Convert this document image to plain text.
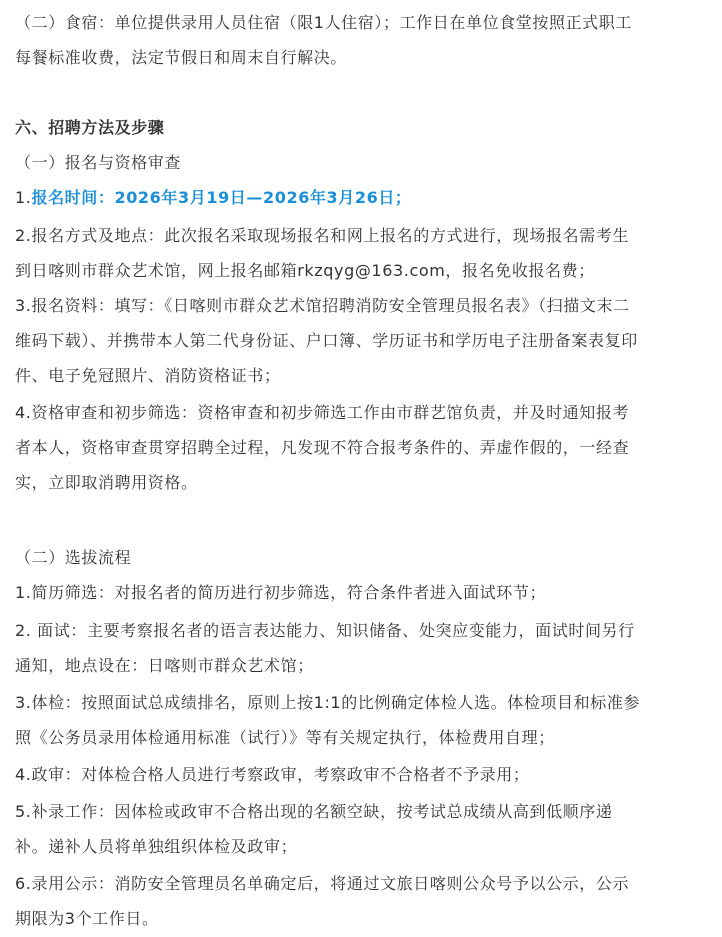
（二）食宿：单位提供录用人员住宿（限1人住宿）；工作日在单位食堂按照正式职工
每餐标准收费，法定节假日和周末自行解决。
六、招聘方法及步骤
（一）报名与资格审查
1.报名时间：2026年3月19日—2026年3月26日；
2.报名方式及地点：此次报名采取现场报名和网上报名的方式进行，现场报名需考生
到日喀则市群众艺术馆，网上报名邮箱rkzqyg@163.com，报名免收报名费；
3.报名资料：填写：《日喀则市群众艺术馆招聘消防安全管理员报名表》（扫描文末二
维码下载）、并携带本人第二代身份证、户口簿、学历证书和学历电子注册备案表复印
件、电子免冠照片、消防资格证书；
4.资格审查和初步筛选：资格审查和初步筛选工作由市群艺馆负责，并及时通知报考
者本人，资格审查贯穿招聘全过程，凡发现不符合报考条件的、弄虚作假的，一经查
实，立即取消聘用资格。
（二）选拔流程
1.简历筛选：对报名者的简历进行初步筛选，符合条件者进入面试环节；
2. 面试：主要考察报名者的语言表达能力、知识储备、处突应变能力，面试时间另行
通知，地点设在：日喀则市群众艺术馆；
3.体检：按照面试总成绩排名，原则上按1:1的比例确定体检人选。体检项目和标准参
照《公务员录用体检通用标准（试行）》等有关规定执行，体检费用自理；
4.政审：对体检合格人员进行考察政审，考察政审不合格者不予录用；
5.补录工作：因体检或政审不合格出现的名额空缺，按考试总成绩从高到低顺序递
补。递补人员将单独组织体检及政审；
6.录用公示：消防安全管理员名单确定后，将通过文旅日喀则公众号予以公示，公示
期限为3个工作日。
